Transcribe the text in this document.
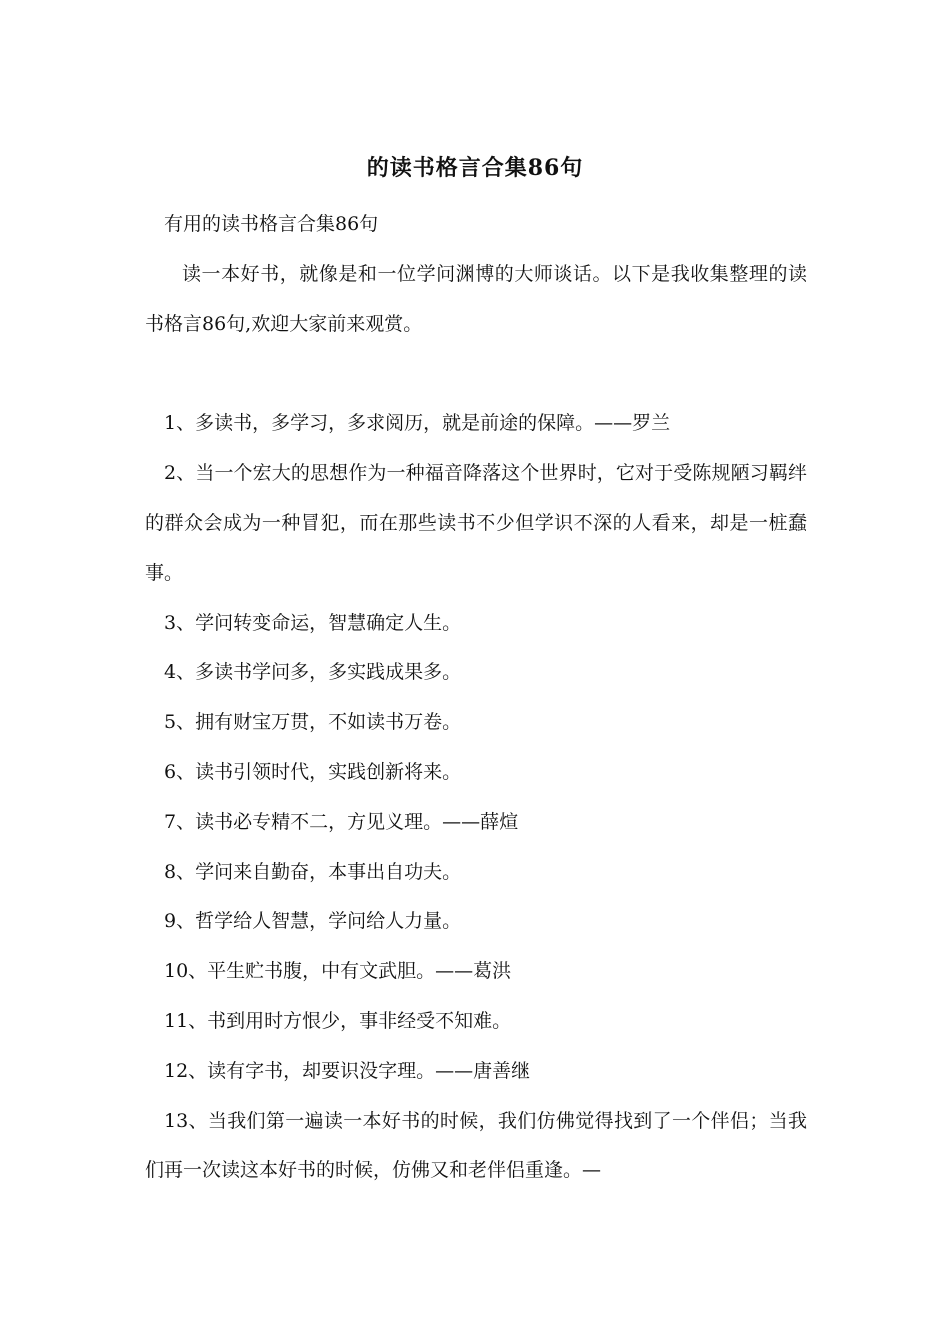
的读书格言合集86句
有用的读书格言合集86句

读一本好书，就像是和一位学问渊博的大师谈话。以下是我收集整理的读书格言86句,欢迎大家前来观赏。

1、多读书，多学习，多求阅历，就是前途的保障。——罗兰

2、当一个宏大的思想作为一种福音降落这个世界时，它对于受陈规陋习羁绊的群众会成为一种冒犯，而在那些读书不少但学识不深的人看来，却是一桩蠢事。

3、学问转变命运，智慧确定人生。

4、多读书学问多，多实践成果多。

5、拥有财宝万贯，不如读书万卷。

6、读书引领时代，实践创新将来。

7、读书必专精不二，方见义理。——薛煊

8、学问来自勤奋，本事出自功夫。

9、哲学给人智慧，学问给人力量。

10、平生贮书腹，中有文武胆。——葛洪

11、书到用时方恨少，事非经受不知难。

12、读有字书，却要识没字理。——唐善继

13、当我们第一遍读一本好书的时候，我们仿佛觉得找到了一个伴侣；当我们再一次读这本好书的时候，仿佛又和老伴侣重逢。—
